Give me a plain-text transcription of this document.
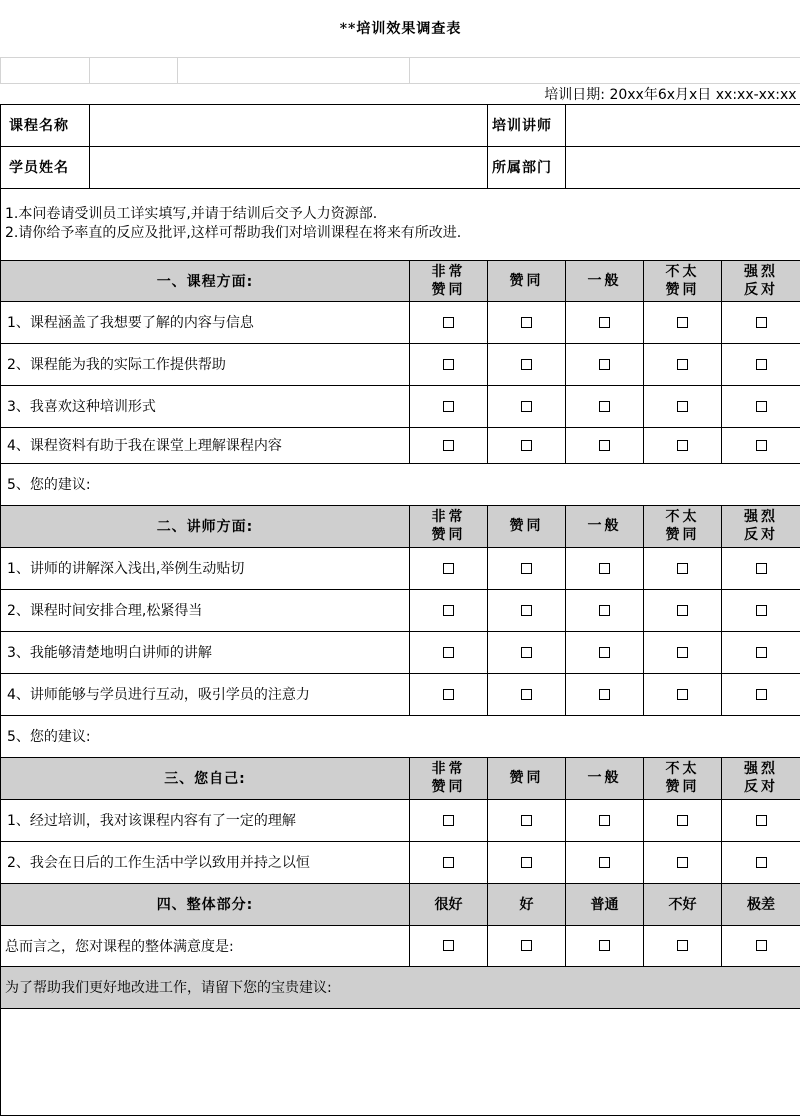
**培训效果调查表							

培训日期: 20xx年6x月x日 xx:xx-xx:xx							
课程名称				培训讲师			
学员姓名				所属部门			

1.本问卷请受训员工详实填写,并请于结训后交予人力资源部.
2.请你给予率直的反应及批评,这样可帮助我们对培训课程在将来有所改进.							

一、课程方面:			非常赞同	赞同	一般	不太赞同	强烈反对
1、课程涵盖了我想要了解的内容与信息							
2、课程能为我的实际工作提供帮助							
3、我喜欢这种培训形式							
4、课程资料有助于我在课堂上理解课程内容							
5、您的建议:							
二、讲师方面:			非常赞同	赞同	一般	不太赞同	强烈反对
1、讲师的讲解深入浅出,举例生动贴切							
2、课程时间安排合理,松紧得当							
3、我能够清楚地明白讲师的讲解							
4、讲师能够与学员进行互动，吸引学员的注意力							
5、您的建议:							
三、您自己:			非常赞同	赞同	一般	不太赞同	强烈反对
1、经过培训，我对该课程内容有了一定的理解							
2、我会在日后的工作生活中学以致用并持之以恒							
四、整体部分:			很好	好	普通	不好	极差
总而言之，您对课程的整体满意度是:							
为了帮助我们更好地改进工作，请留下您的宝贵建议:							
